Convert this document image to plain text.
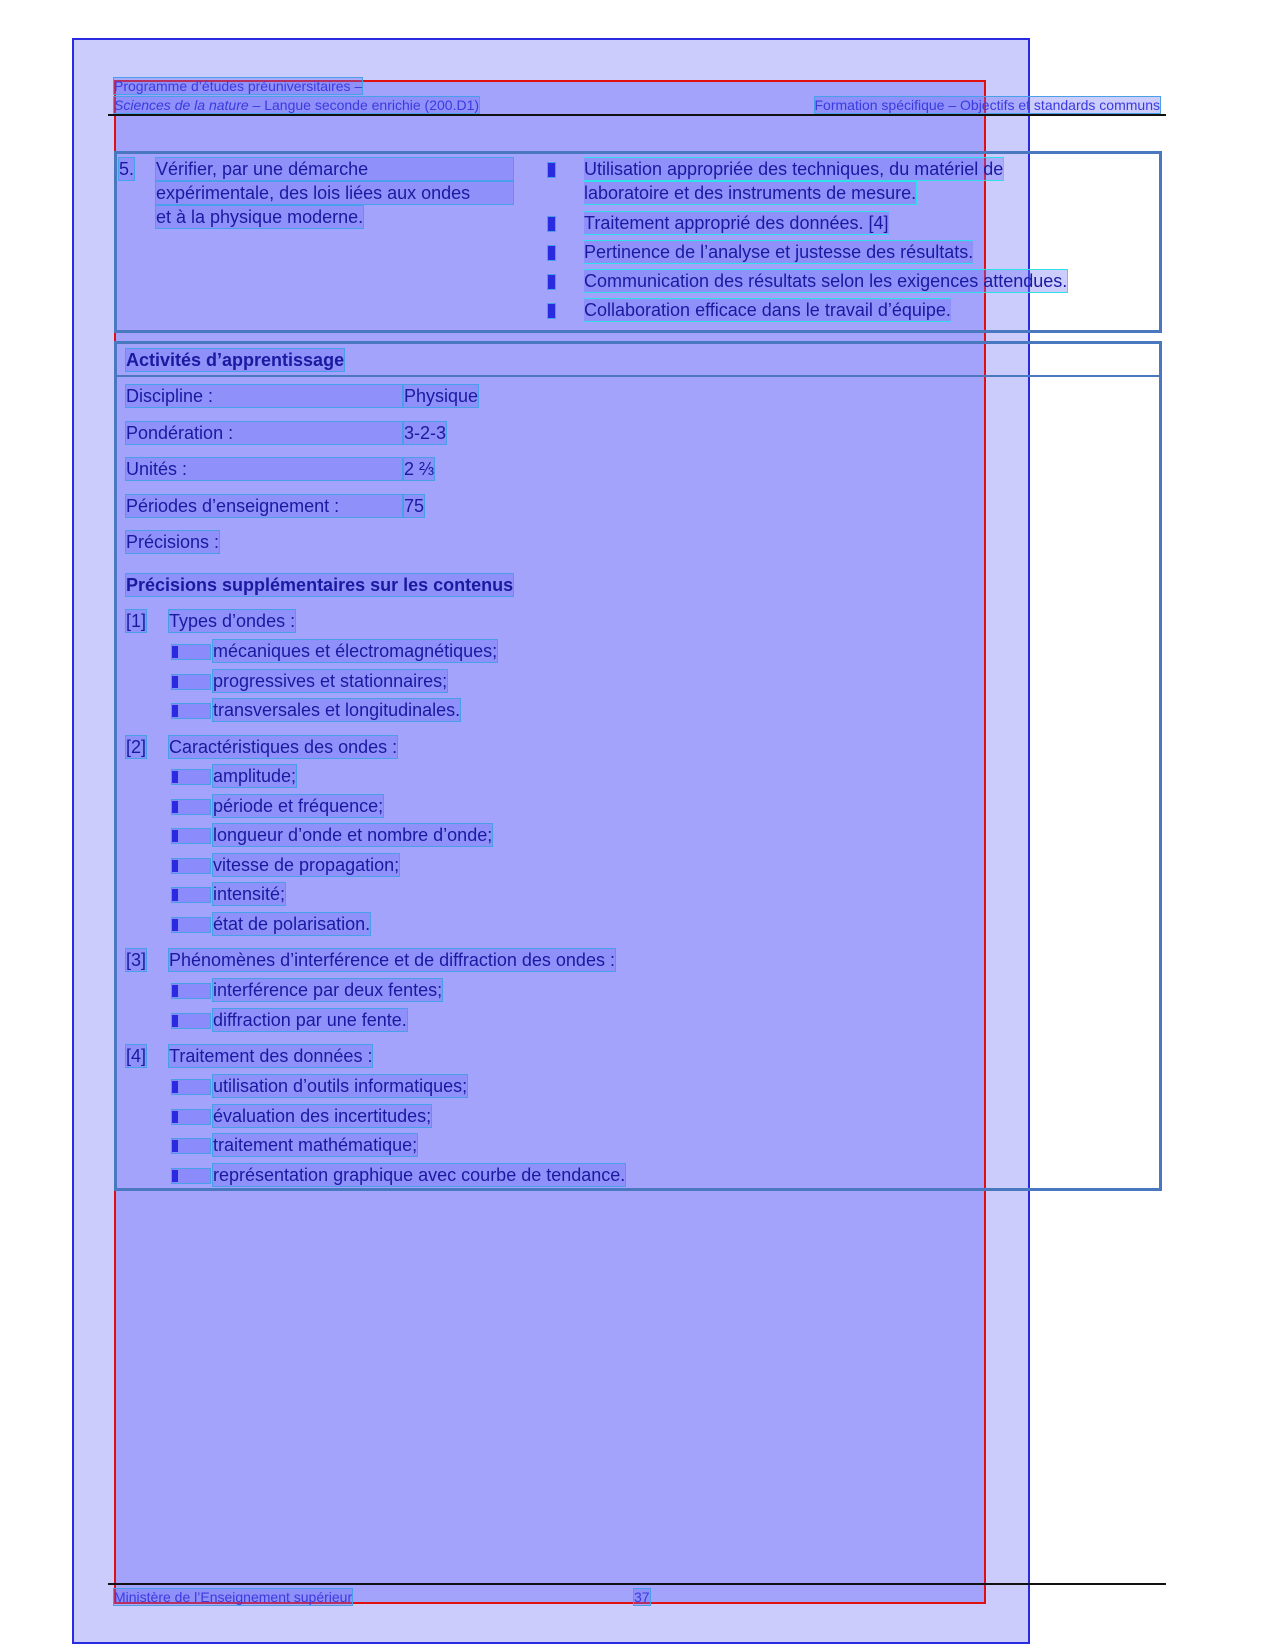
Programme d’études préuniversitaires –
Sciences de la nature – Langue seconde enrichie (200.D1)	Formation spécifique – Objectifs et standards communs
5. Vérifier, par une démarche
expérimentale, des lois liées aux ondes
et à la physique moderne.
Utilisation appropriée des techniques, du matériel de
laboratoire et des instruments de mesure.
Traitement approprié des données. [4]
Pertinence de l’analyse et justesse des résultats.
Communication des résultats selon les exigences attendues.
Collaboration efficace dans le travail d’équipe.
Activités d’apprentissage
Discipline :	Physique
Pondération :	3-2-3
Unités :	2 ⅔
Périodes d’enseignement :	75
Précisions :
Précisions supplémentaires sur les contenus
[1] Types d’ondes :
mécaniques et électromagnétiques;
progressives et stationnaires;
transversales et longitudinales.
[2] Caractéristiques des ondes :
amplitude;
période et fréquence;
longueur d’onde et nombre d’onde;
vitesse de propagation;
intensité;
état de polarisation.
[3] Phénomènes d’interférence et de diffraction des ondes :
interférence par deux fentes;
diffraction par une fente.
[4] Traitement des données :
utilisation d’outils informatiques;
évaluation des incertitudes;
traitement mathématique;
représentation graphique avec courbe de tendance.
Ministère de l’Enseignement supérieur	37
